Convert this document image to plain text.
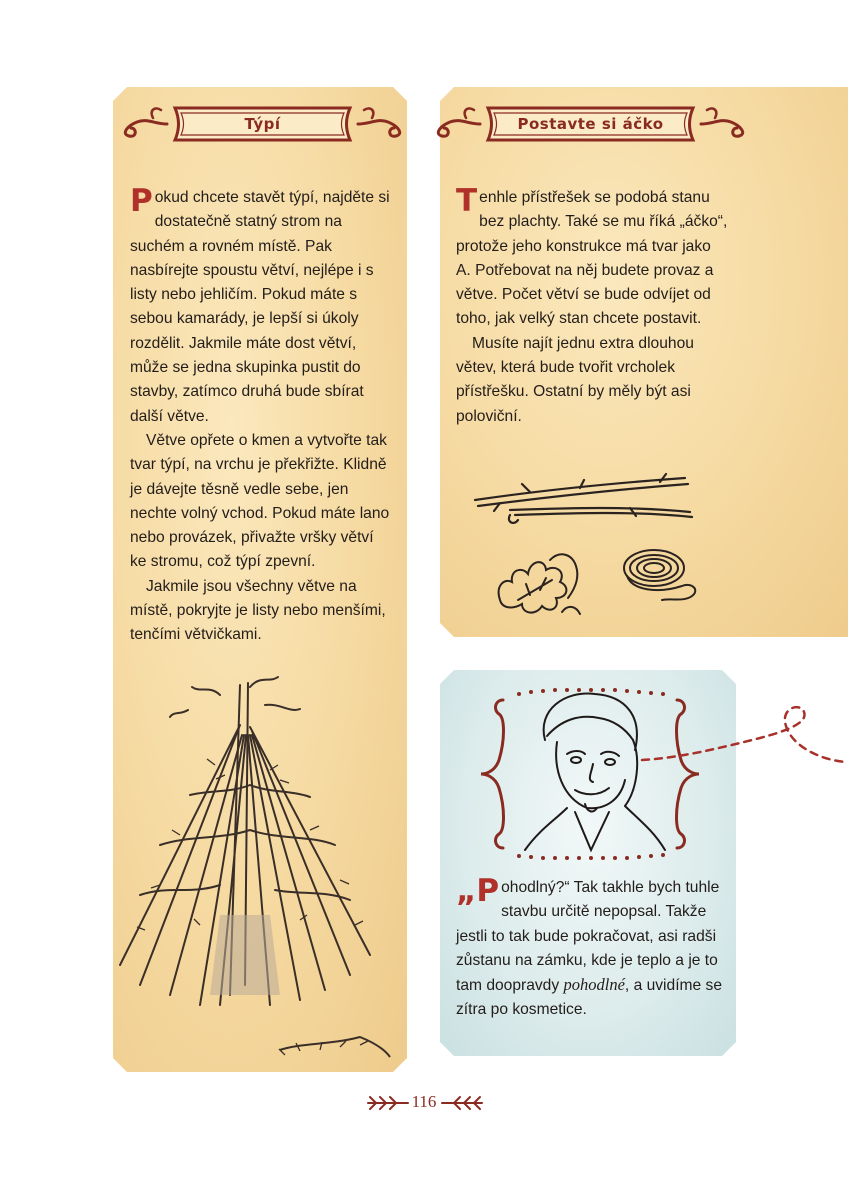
Týpí

Pokud chcete stavět týpí, najděte si dostatečně statný strom na suchém a rovném místě. Pak nasbírejte spoustu větví, nejlépe i s listy nebo jehličím. Pokud máte s sebou kamarády, je lepší si úkoly rozdělit. Jakmile máte dost větví, může se jedna skupinka pustit do stavby, zatímco druhá bude sbírat další větve.

Větve opřete o kmen a vytvořte tak tvar týpí, na vrchu je překřižte. Klidně je dávejte těsně vedle sebe, jen nechte volný vchod. Pokud máte lano nebo provázek, přivažte vršky větví ke stromu, což týpí zpevní.

Jakmile jsou všechny větve na místě, pokryjte je listy nebo menšími, tenčími větvičkami.

Postavte si áčko

Tenhle přístřešek se podobá stanu bez plachty. Také se mu říká „áčko“, protože jeho konstrukce má tvar jako A. Potřebovat na něj budete provaz a větve. Počet větví se bude odvíjet od toho, jak velký stan chcete postavit.

Musíte najít jednu extra dlouhou větev, která bude tvořit vrcholek přístřešku. Ostatní by měly být asi poloviční.

„P ohodlný?“ Tak takhle bych tuhle stavbu určitě nepopsal. Takže jestli to tak bude pokračovat, asi radši zůstanu na zámku, kde je teplo a je to tam doopravdy pohodlné, a uvidíme se zítra po kosmetice.

116
